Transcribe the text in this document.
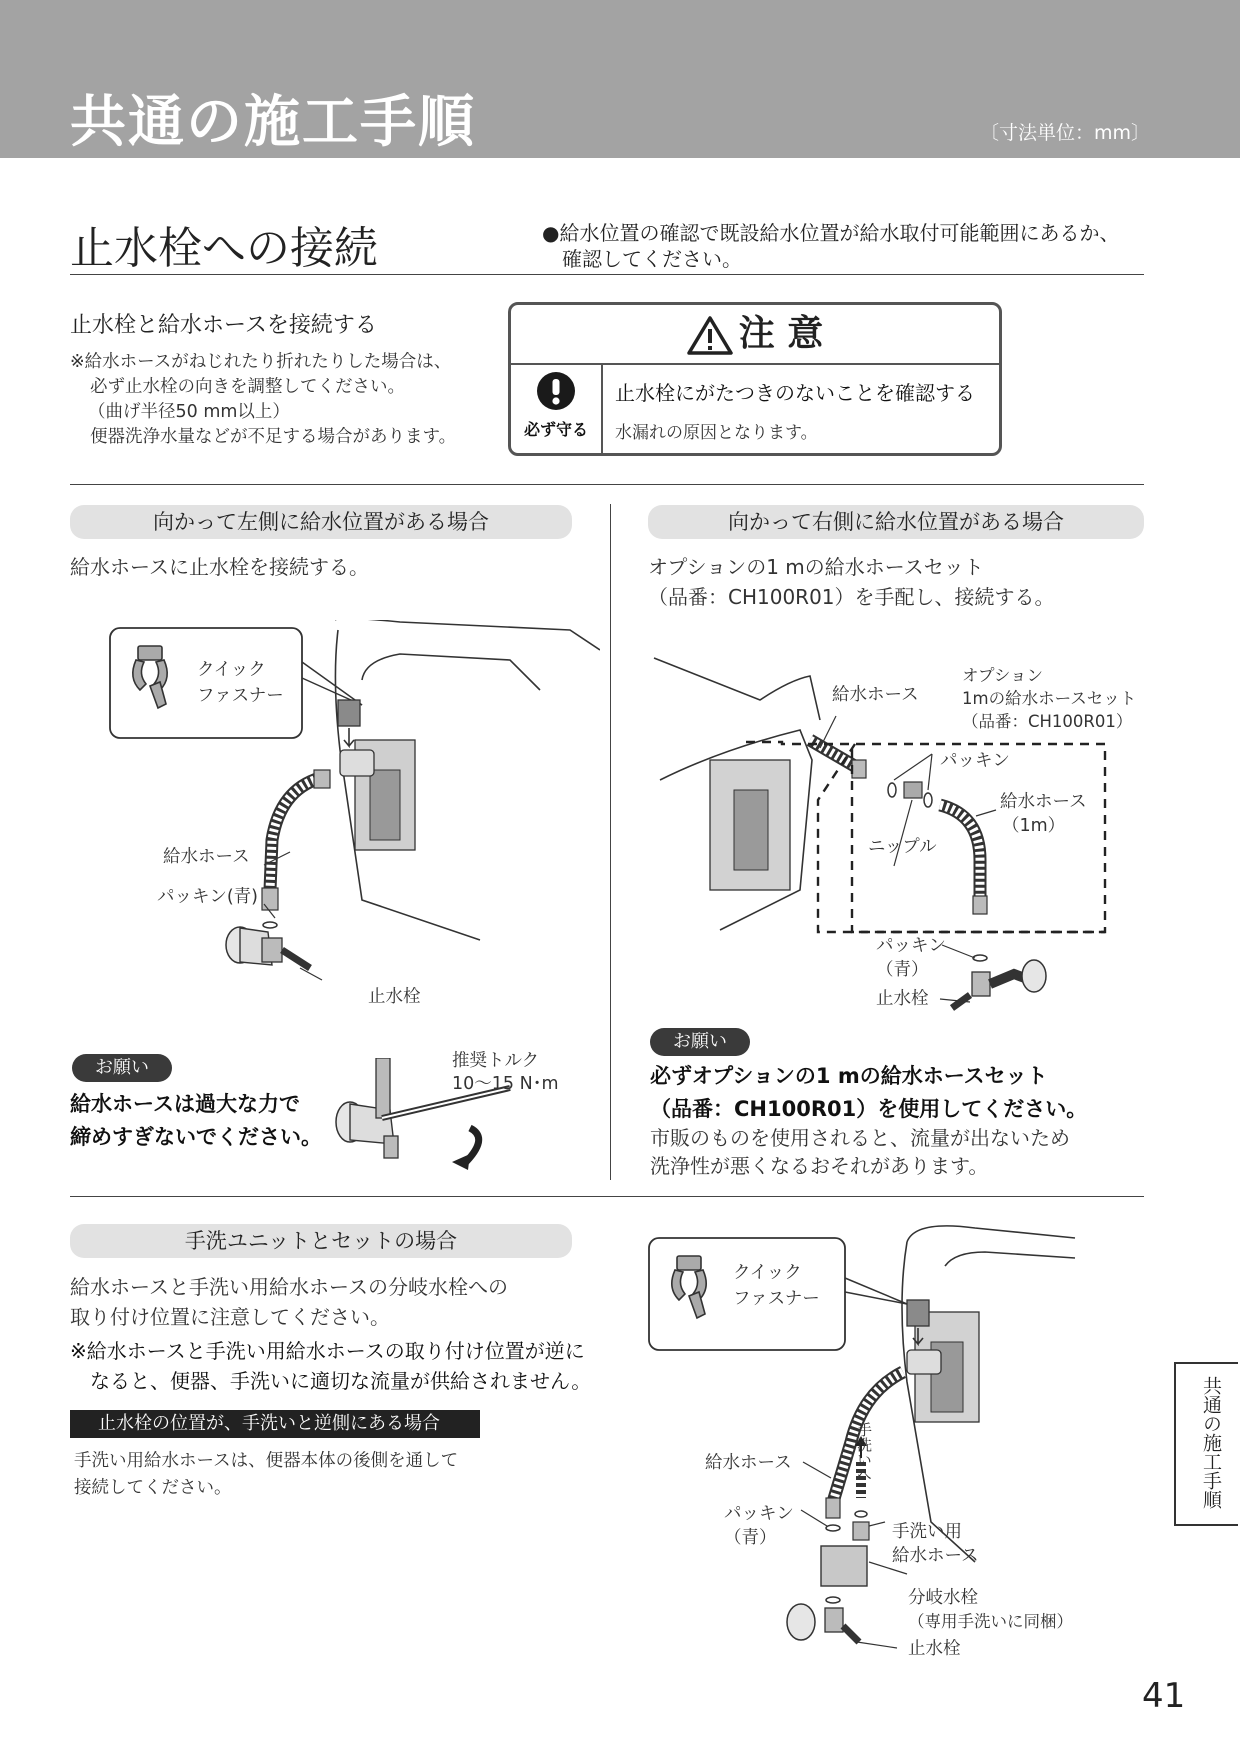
共通の施工手順	〔寸法単位：mm〕
止水栓への接続	●給水位置の確認で既設給水位置が給水取付可能範囲にあるか、
確認してください。
止水栓と給水ホースを接続する
※給水ホースがねじれたり折れたりした場合は、
必ず止水栓の向きを調整してください。
（曲げ半径50 mm以上）
便器洗浄水量などが不足する場合があります。
注 意
必ず守る
止水栓にがたつきのないことを確認する
水漏れの原因となります。
向かって左側に給水位置がある場合
給水ホースに止水栓を接続する。
クイック
ファスナー
給水ホース
パッキン(青)
止水栓
お願い
給水ホースは過大な力で
締めすぎないでください。
推奨トルク
10〜15 N･m
向かって右側に給水位置がある場合
オプションの1 mの給水ホースセット
（品番：CH100R01）を手配し、接続する。
給水ホース
オプション
1mの給水ホースセット
（品番：CH100R01）
パッキン
給水ホース
（1m）
ニップル
パッキン
（青）
止水栓
お願い
必ずオプションの1 mの給水ホースセット
（品番：CH100R01）を使用してください。
市販のものを使用されると、流量が出ないため
洗浄性が悪くなるおそれがあります。
手洗ユニットとセットの場合
給水ホースと手洗い用給水ホースの分岐水栓への
取り付け位置に注意してください。
※給水ホースと手洗い用給水ホースの取り付け位置が逆に
なると、便器、手洗いに適切な流量が供給されません。
止水栓の位置が、手洗いと逆側にある場合
手洗い用給水ホースは、便器本体の後側を通して
接続してください。
クイック
ファスナー
手洗いへ
給水ホース
パッキン
（青）	手洗い用
給水ホース
分岐水栓
（専用手洗いに同梱）
止水栓
共通の施工手順
41
